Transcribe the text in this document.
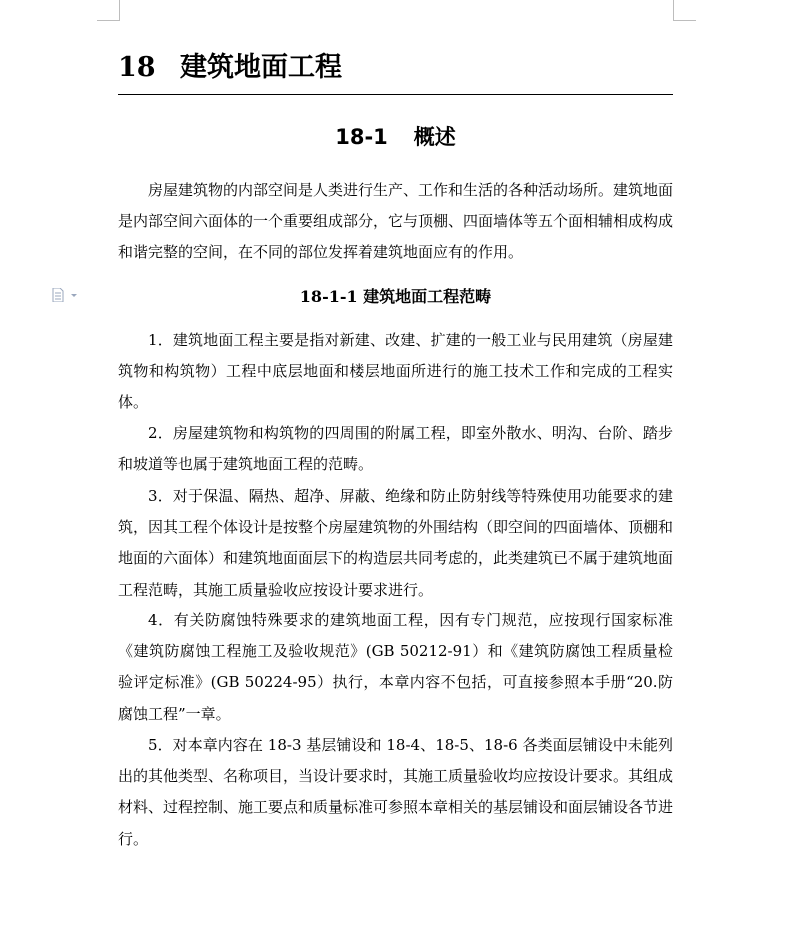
18 建筑地面工程
18-1 概述

房屋建筑物的内部空间是人类进行生产、工作和生活的各种活动场所。建筑地面是内部空间六面体的一个重要组成部分，它与顶棚、四面墙体等五个面相辅相成构成和谐完整的空间，在不同的部位发挥着建筑地面应有的作用。

18-1-1 建筑地面工程范畴

1．建筑地面工程主要是指对新建、改建、扩建的一般工业与民用建筑（房屋建筑物和构筑物）工程中底层地面和楼层地面所进行的施工技术工作和完成的工程实体。

2．房屋建筑物和构筑物的四周围的附属工程，即室外散水、明沟、台阶、踏步和坡道等也属于建筑地面工程的范畴。

3．对于保温、隔热、超净、屏蔽、绝缘和防止防射线等特殊使用功能要求的建筑，因其工程个体设计是按整个房屋建筑物的外围结构（即空间的四面墙体、顶棚和地面的六面体）和建筑地面面层下的构造层共同考虑的，此类建筑已不属于建筑地面工程范畴，其施工质量验收应按设计要求进行。

4．有关防腐蚀特殊要求的建筑地面工程，因有专门规范，应按现行国家标准《建筑防腐蚀工程施工及验收规范》(GB 50212-91）和《建筑防腐蚀工程质量检验评定标准》(GB 50224-95）执行，本章内容不包括，可直接参照本手册“20.防腐蚀工程”一章。

5．对本章内容在 18-3 基层铺设和 18-4、18-5、18-6 各类面层铺设中未能列出的其他类型、名称项目，当设计要求时，其施工质量验收均应按设计要求。其组成材料、过程控制、施工要点和质量标准可参照本章相关的基层铺设和面层铺设各节进行。
